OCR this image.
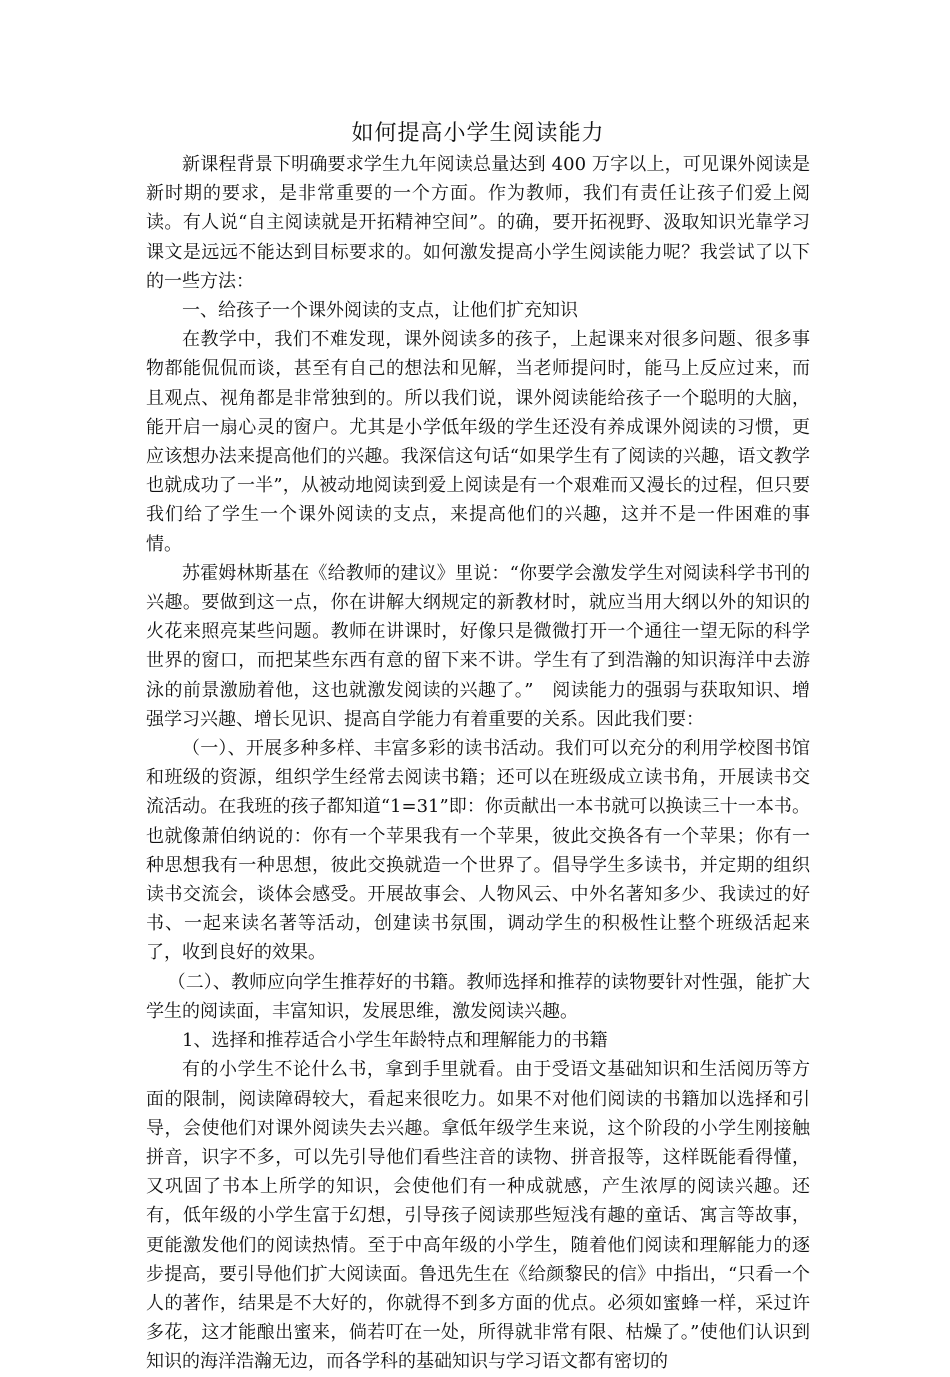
如何提高小学生阅读能力

新课程背景下明确要求学生九年阅读总量达到 400 万字以上，可见课外阅读是新时期的要求，是非常重要的一个方面。作为教师，我们有责任让孩子们爱上阅读。有人说“自主阅读就是开拓精神空间”。的确，要开拓视野、汲取知识光靠学习课文是远远不能达到目标要求的。如何激发提高小学生阅读能力呢？我尝试了以下的一些方法：

一、给孩子一个课外阅读的支点，让他们扩充知识

在教学中，我们不难发现，课外阅读多的孩子，上起课来对很多问题、很多事物都能侃侃而谈，甚至有自己的想法和见解，当老师提问时，能马上反应过来，而且观点、视角都是非常独到的。所以我们说，课外阅读能给孩子一个聪明的大脑，能开启一扇心灵的窗户。尤其是小学低年级的学生还没有养成课外阅读的习惯，更应该想办法来提高他们的兴趣。我深信这句话“如果学生有了阅读的兴趣，语文教学也就成功了一半”，从被动地阅读到爱上阅读是有一个艰难而又漫长的过程，但只要我们给了学生一个课外阅读的支点，来提高他们的兴趣，这并不是一件困难的事情。

苏霍姆林斯基在《给教师的建议》里说：“你要学会激发学生对阅读科学书刊的兴趣。要做到这一点，你在讲解大纲规定的新教材时，就应当用大纲以外的知识的火花来照亮某些问题。教师在讲课时，好像只是微微打开一个通往一望无际的科学世界的窗口，而把某些东西有意的留下来不讲。学生有了到浩瀚的知识海洋中去游泳的前景激励着他，这也就激发阅读的兴趣了。”　阅读能力的强弱与获取知识、增强学习兴趣、增长见识、提高自学能力有着重要的关系。因此我们要：

（一）、开展多种多样、丰富多彩的读书活动。我们可以充分的利用学校图书馆和班级的资源，组织学生经常去阅读书籍；还可以在班级成立读书角，开展读书交流活动。在我班的孩子都知道“1=31”即：你贡献出一本书就可以换读三十一本书。也就像萧伯纳说的：你有一个苹果我有一个苹果，彼此交换各有一个苹果；你有一种思想我有一种思想，彼此交换就造一个世界了。倡导学生多读书，并定期的组织读书交流会，谈体会感受。开展故事会、人物风云、中外名著知多少、我读过的好书、一起来读名著等活动，创建读书氛围，调动学生的积极性让整个班级活起来了，收到良好的效果。

（二）、教师应向学生推荐好的书籍。教师选择和推荐的读物要针对性强，能扩大学生的阅读面，丰富知识，发展思维，激发阅读兴趣。

1、选择和推荐适合小学生年龄特点和理解能力的书籍

有的小学生不论什么书，拿到手里就看。由于受语文基础知识和生活阅历等方面的限制，阅读障碍较大，看起来很吃力。如果不对他们阅读的书籍加以选择和引导，会使他们对课外阅读失去兴趣。拿低年级学生来说，这个阶段的小学生刚接触拼音，识字不多，可以先引导他们看些注音的读物、拼音报等，这样既能看得懂，又巩固了书本上所学的知识，会使他们有一种成就感，产生浓厚的阅读兴趣。还有，低年级的小学生富于幻想，引导孩子阅读那些短浅有趣的童话、寓言等故事，更能激发他们的阅读热情。至于中高年级的小学生，随着他们阅读和理解能力的逐步提高，要引导他们扩大阅读面。鲁迅先生在《给颜黎民的信》中指出，“只看一个人的著作，结果是不大好的，你就得不到多方面的优点。必须如蜜蜂一样，采过许多花，这才能酿出蜜来，倘若叮在一处，所得就非常有限、枯燥了。”使他们认识到知识的海洋浩瀚无边，而各学科的基础知识与学习语文都有密切的
